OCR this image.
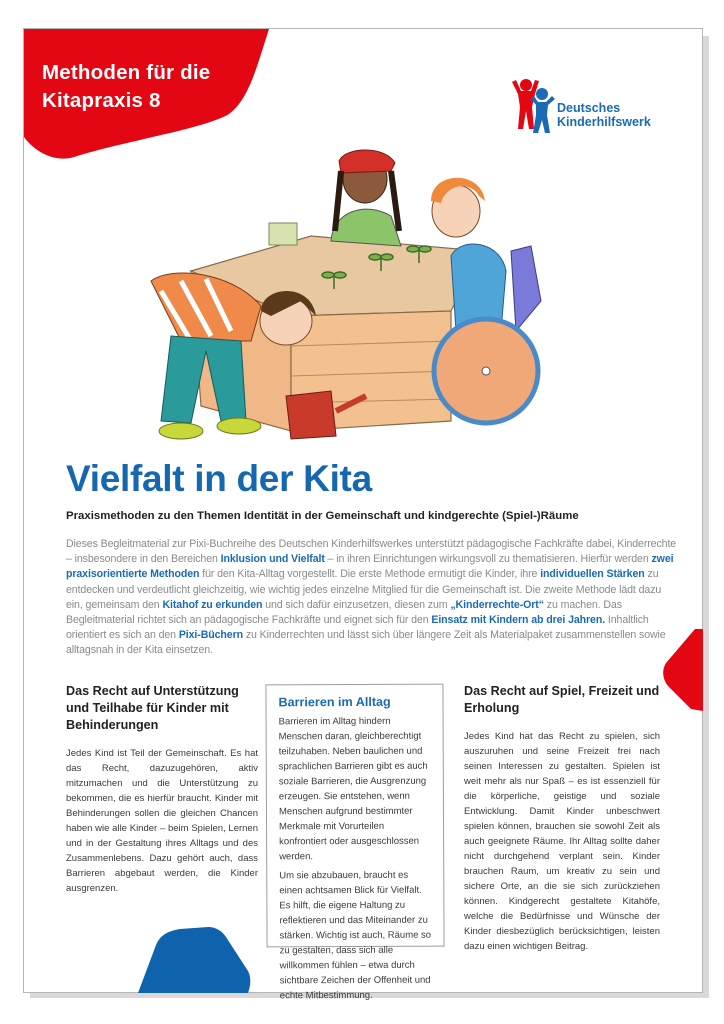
Methoden für die
Kitapraxis 8	Deutsches
Kinderhilfswerk
Vielfalt in der Kita
Praxismethoden zu den Themen Identität in der Gemeinschaft und kindgerechte (Spiel-)Räume
Dieses Begleitmaterial zur Pixi-Buchreihe des Deutschen Kinderhilfswerkes unterstützt pädagogische Fachkräfte dabei, Kinderrechte – insbesondere in den Bereichen Inklusion und Vielfalt – in ihren Einrichtungen wirkungsvoll zu thematisieren. Hierfür werden zwei praxisorientierte Methoden für den Kita-Alltag vorgestellt. Die erste Methode ermutigt die Kinder, ihre individuellen Stärken zu entdecken und verdeutlicht gleichzeitig, wie wichtig jedes einzelne Mitglied für die Gemeinschaft ist. Die zweite Methode lädt dazu ein, gemeinsam den Kitahof zu erkunden und sich dafür einzusetzen, diesen zum „Kinderrechte-Ort“ zu machen. Das Begleitmaterial richtet sich an pädagogische Fachkräfte und eignet sich für den Einsatz mit Kindern ab drei Jahren. Inhaltlich orientiert es sich an den Pixi-Büchern zu Kinderrechten und lässt sich über längere Zeit als Materialpaket zusammenstellen sowie alltagsnah in der Kita einsetzen.
Das Recht auf Unterstützung und Teilhabe für Kinder mit Behinderungen

Jedes Kind ist Teil der Gemeinschaft. Es hat das Recht, dazuzugehören, aktiv mitzumachen und die Unterstützung zu bekommen, die es hierfür braucht. Kinder mit Behinderungen sollen die gleichen Chancen haben wie alle Kinder – beim Spielen, Lernen und in der Gestaltung ihres Alltags und des Zusammenlebens. Dazu gehört auch, dass Barrieren abgebaut werden, die Kinder ausgrenzen.

Barrieren im Alltag

Barrieren im Alltag hindern Menschen daran, gleichberechtigt teilzuhaben. Neben baulichen und sprachlichen Barrieren gibt es auch soziale Barrieren, die Ausgrenzung erzeugen. Sie entstehen, wenn Menschen aufgrund bestimmter Merkmale mit Vorurteilen konfrontiert oder ausgeschlossen werden.

Um sie abzubauen, braucht es einen achtsamen Blick für Vielfalt. Es hilft, die eigene Haltung zu reflektieren und das Miteinander zu stärken. Wichtig ist auch, Räume so zu gestalten, dass sich alle willkommen fühlen – etwa durch sichtbare Zeichen der Offenheit und echte Mitbestimmung.

Das Recht auf Spiel, Freizeit und Erholung

Jedes Kind hat das Recht zu spielen, sich auszuruhen und seine Freizeit frei nach seinen Interessen zu gestalten. Spielen ist weit mehr als nur Spaß – es ist essenziell für die körperliche, geistige und soziale Entwicklung. Damit Kinder unbeschwert spielen können, brauchen sie sowohl Zeit als auch geeignete Räume. Ihr Alltag sollte daher nicht durchgehend verplant sein. Kinder brauchen Raum, um kreativ zu sein und sichere Orte, an die sie sich zurückziehen können. Kindgerecht gestaltete Kitahöfe, welche die Bedürfnisse und Wünsche der Kinder diesbezüglich berücksichtigen, leisten dazu einen wichtigen Beitrag.
